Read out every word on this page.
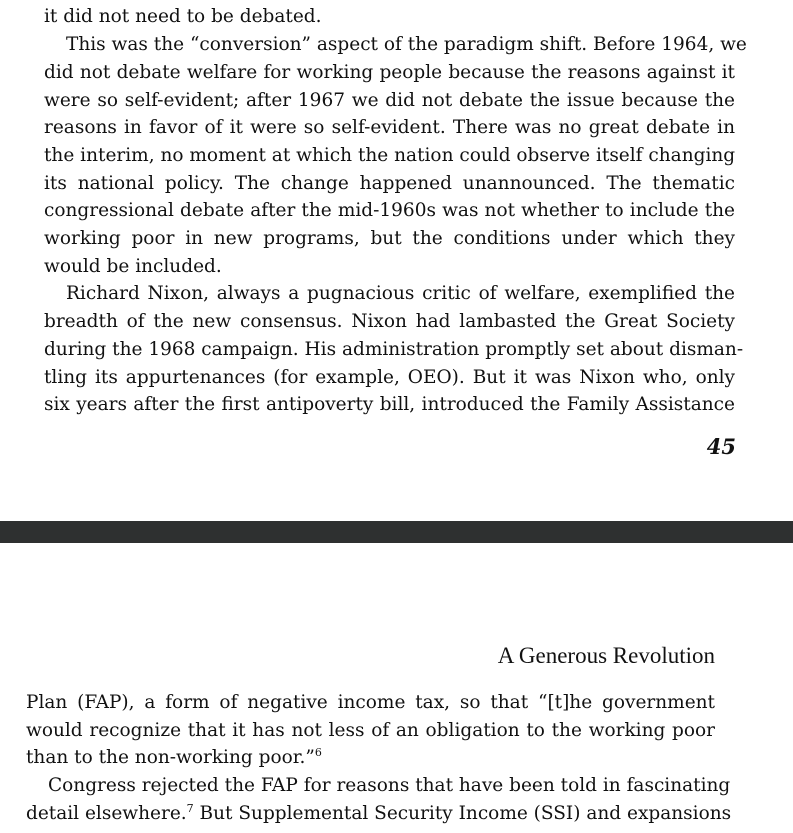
it did not need to be debated.

This was the “conversion” aspect of the paradigm shift. Before 1964, we

did not debate welfare for working people because the reasons against it

were so self-evident; after 1967 we did not debate the issue because the

reasons in favor of it were so self-evident. There was no great debate in

the interim, no moment at which the nation could observe itself changing

its national policy. The change happened unannounced. The thematic

congressional debate after the mid-1960s was not whether to include the

working poor in new programs, but the conditions under which they

would be included.

Richard Nixon, always a pugnacious critic of welfare, exemplified the

breadth of the new consensus. Nixon had lambasted the Great Society

during the 1968 campaign. His administration promptly set about disman-

tling its appurtenances (for example, OEO). But it was Nixon who, only

six years after the first antipoverty bill, introduced the Family Assistance

45

A Generous Revolution

Plan (FAP), a form of negative income tax, so that “[t]he government

would recognize that it has not less of an obligation to the working poor

than to the non-working poor.”$^6$

Congress rejected the FAP for reasons that have been told in fascinating

detail elsewhere.$^7$ But Supplemental Security Income (SSI) and expansions
